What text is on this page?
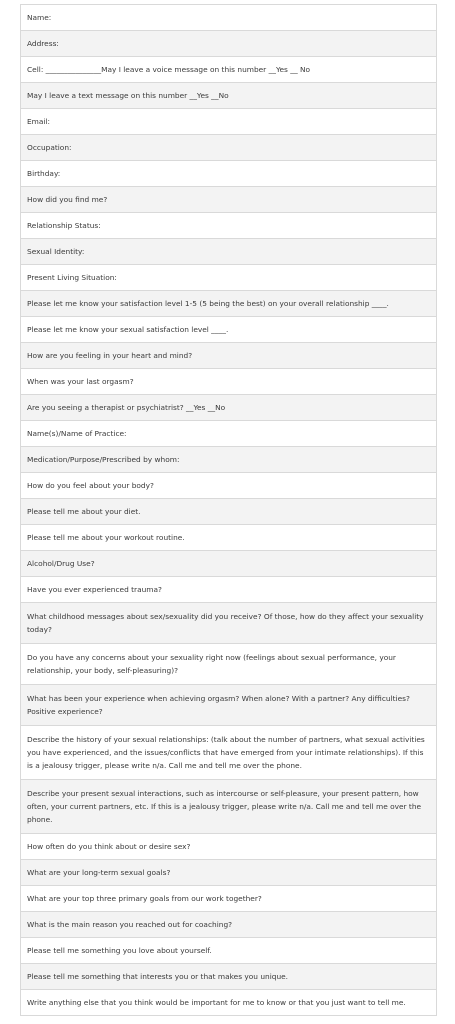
Name:
Address:
Cell: _______________May I leave a voice message on this number __Yes __ No
May I leave a text message on this number __Yes __No
Email:
Occupation:
Birthday:
How did you find me?
Relationship Status:
Sexual Identity:
Present Living Situation:
Please let me know your satisfaction level 1-5 (5 being the best) on your overall relationship ____.
Please let me know your sexual satisfaction level ____.
How are you feeling in your heart and mind?
When was your last orgasm?
Are you seeing a therapist or psychiatrist? __Yes __No
Name(s)/Name of Practice:
Medication/Purpose/Prescribed by whom:
How do you feel about your body?
Please tell me about your diet.
Please tell me about your workout routine.
Alcohol/Drug Use?
Have you ever experienced trauma?
What childhood messages about sex/sexuality did you receive? Of those, how do they affect your sexuality today?
Do you have any concerns about your sexuality right now (feelings about sexual performance, your relationship, your body, self-pleasuring)?
What has been your experience when achieving orgasm? When alone? With a partner? Any difficulties? Positive experience?
Describe the history of your sexual relationships: (talk about the number of partners, what sexual activities you have experienced, and the issues/conflicts that have emerged from your intimate relationships). If this is a jealousy trigger, please write n/a. Call me and tell me over the phone.
Describe your present sexual interactions, such as intercourse or self-pleasure, your present pattern, how often, your current partners, etc. If this is a jealousy trigger, please write n/a. Call me and tell me over the phone.
How often do you think about or desire sex?
What are your long-term sexual goals?
What are your top three primary goals from our work together?
What is the main reason you reached out for coaching?
Please tell me something you love about yourself.
Please tell me something that interests you or that makes you unique.
Write anything else that you think would be important for me to know or that you just want to tell me.
